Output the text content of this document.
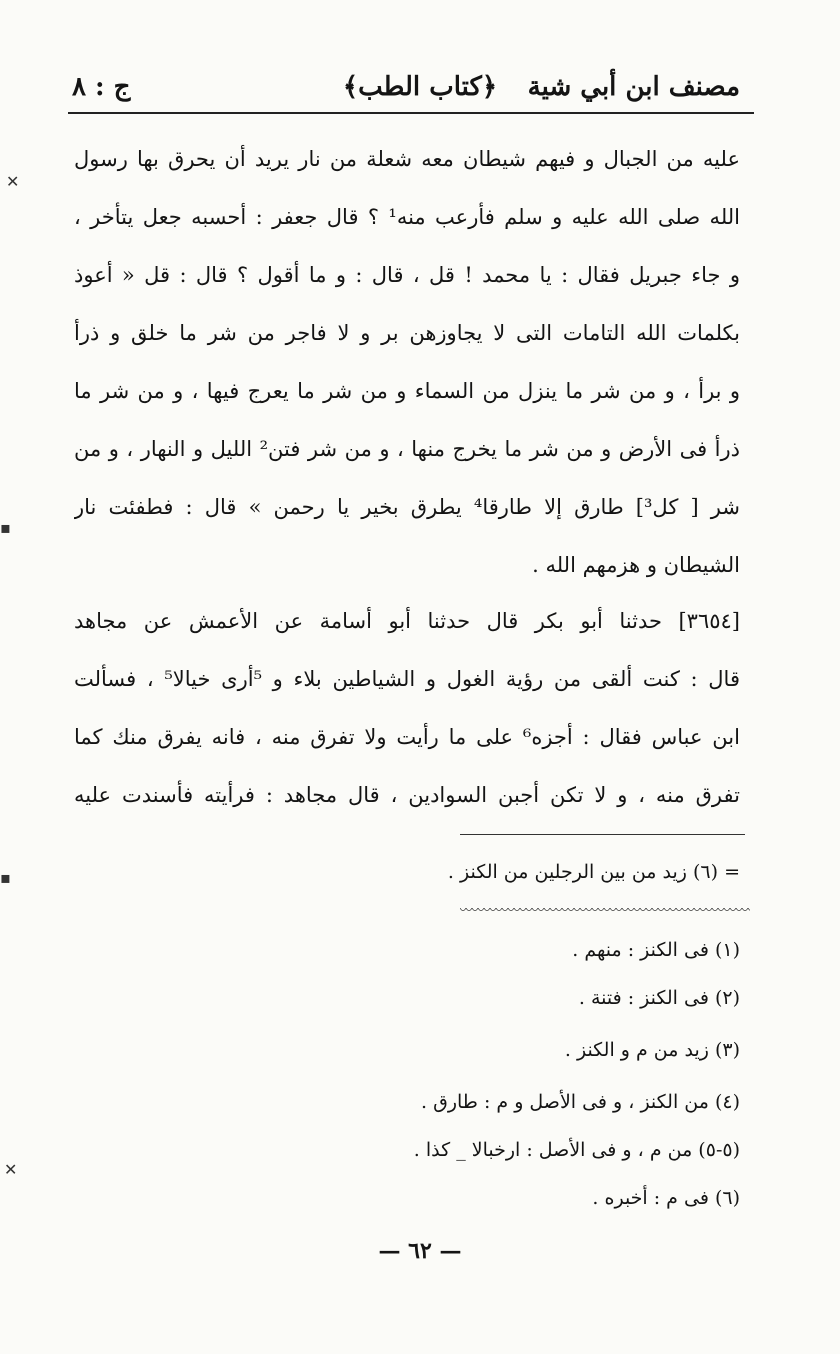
مصنف ابن أبي شية
﴿كتاب الطب﴾
ج : ٨
عليه من الجبال و فيهم شيطان معه شعلة من نار يريد أن يحرق بها رسول
الله صلى الله عليه و سلم فأرعب منه¹ ؟ قال جعفر : أحسبه جعل يتأخر ،
و جاء جبريل فقال : يا محمد ! قل ، قال : و ما أقول ؟ قال : قل « أعوذ
بكلمات الله التامات التى لا يجاوزهن بر و لا فاجر من شر ما خلق و ذرأ
و برأ ، و من شر ما ينزل من السماء و من شر ما يعرج فيها ، و من شر ما
ذرأ فى الأرض و من شر ما يخرج منها ، و من شر فتن² الليل و النهار ، و من
شر [ كل³] طارق إلا طارقا⁴ يطرق بخير يا رحمن » قال : فطفئت نار
الشيطان و هزمهم الله .
[٣٦٥٤] حدثنا أبو بكر قال حدثنا أبو أسامة عن الأعمش عن مجاهد
قال : كنت ألقى من رؤية الغول و الشياطين بلاء و ⁵أرى خيالا⁵ ، فسألت
ابن عباس فقال : أجزه⁶ على ما رأيت ولا تفرق منه ، فانه يفرق منك كما
تفرق منه ، و لا تكن أجبن السوادين ، قال مجاهد : فرأيته فأسندت عليه
= (٦) زيد من بين الرجلين من الكنز .
(١) فى الكنز : منهم .
(٢) فى الكنز : فتنة .
(٣) زيد من م و الكنز .
(٤) من الكنز ، و فى الأصل و م : طارق .
(٥-٥) من م ، و فى الأصل : ارخبالا _ كذا .
(٦) فى م : أخبره .
— ٦٢ —
✕
▪
▪
✕
